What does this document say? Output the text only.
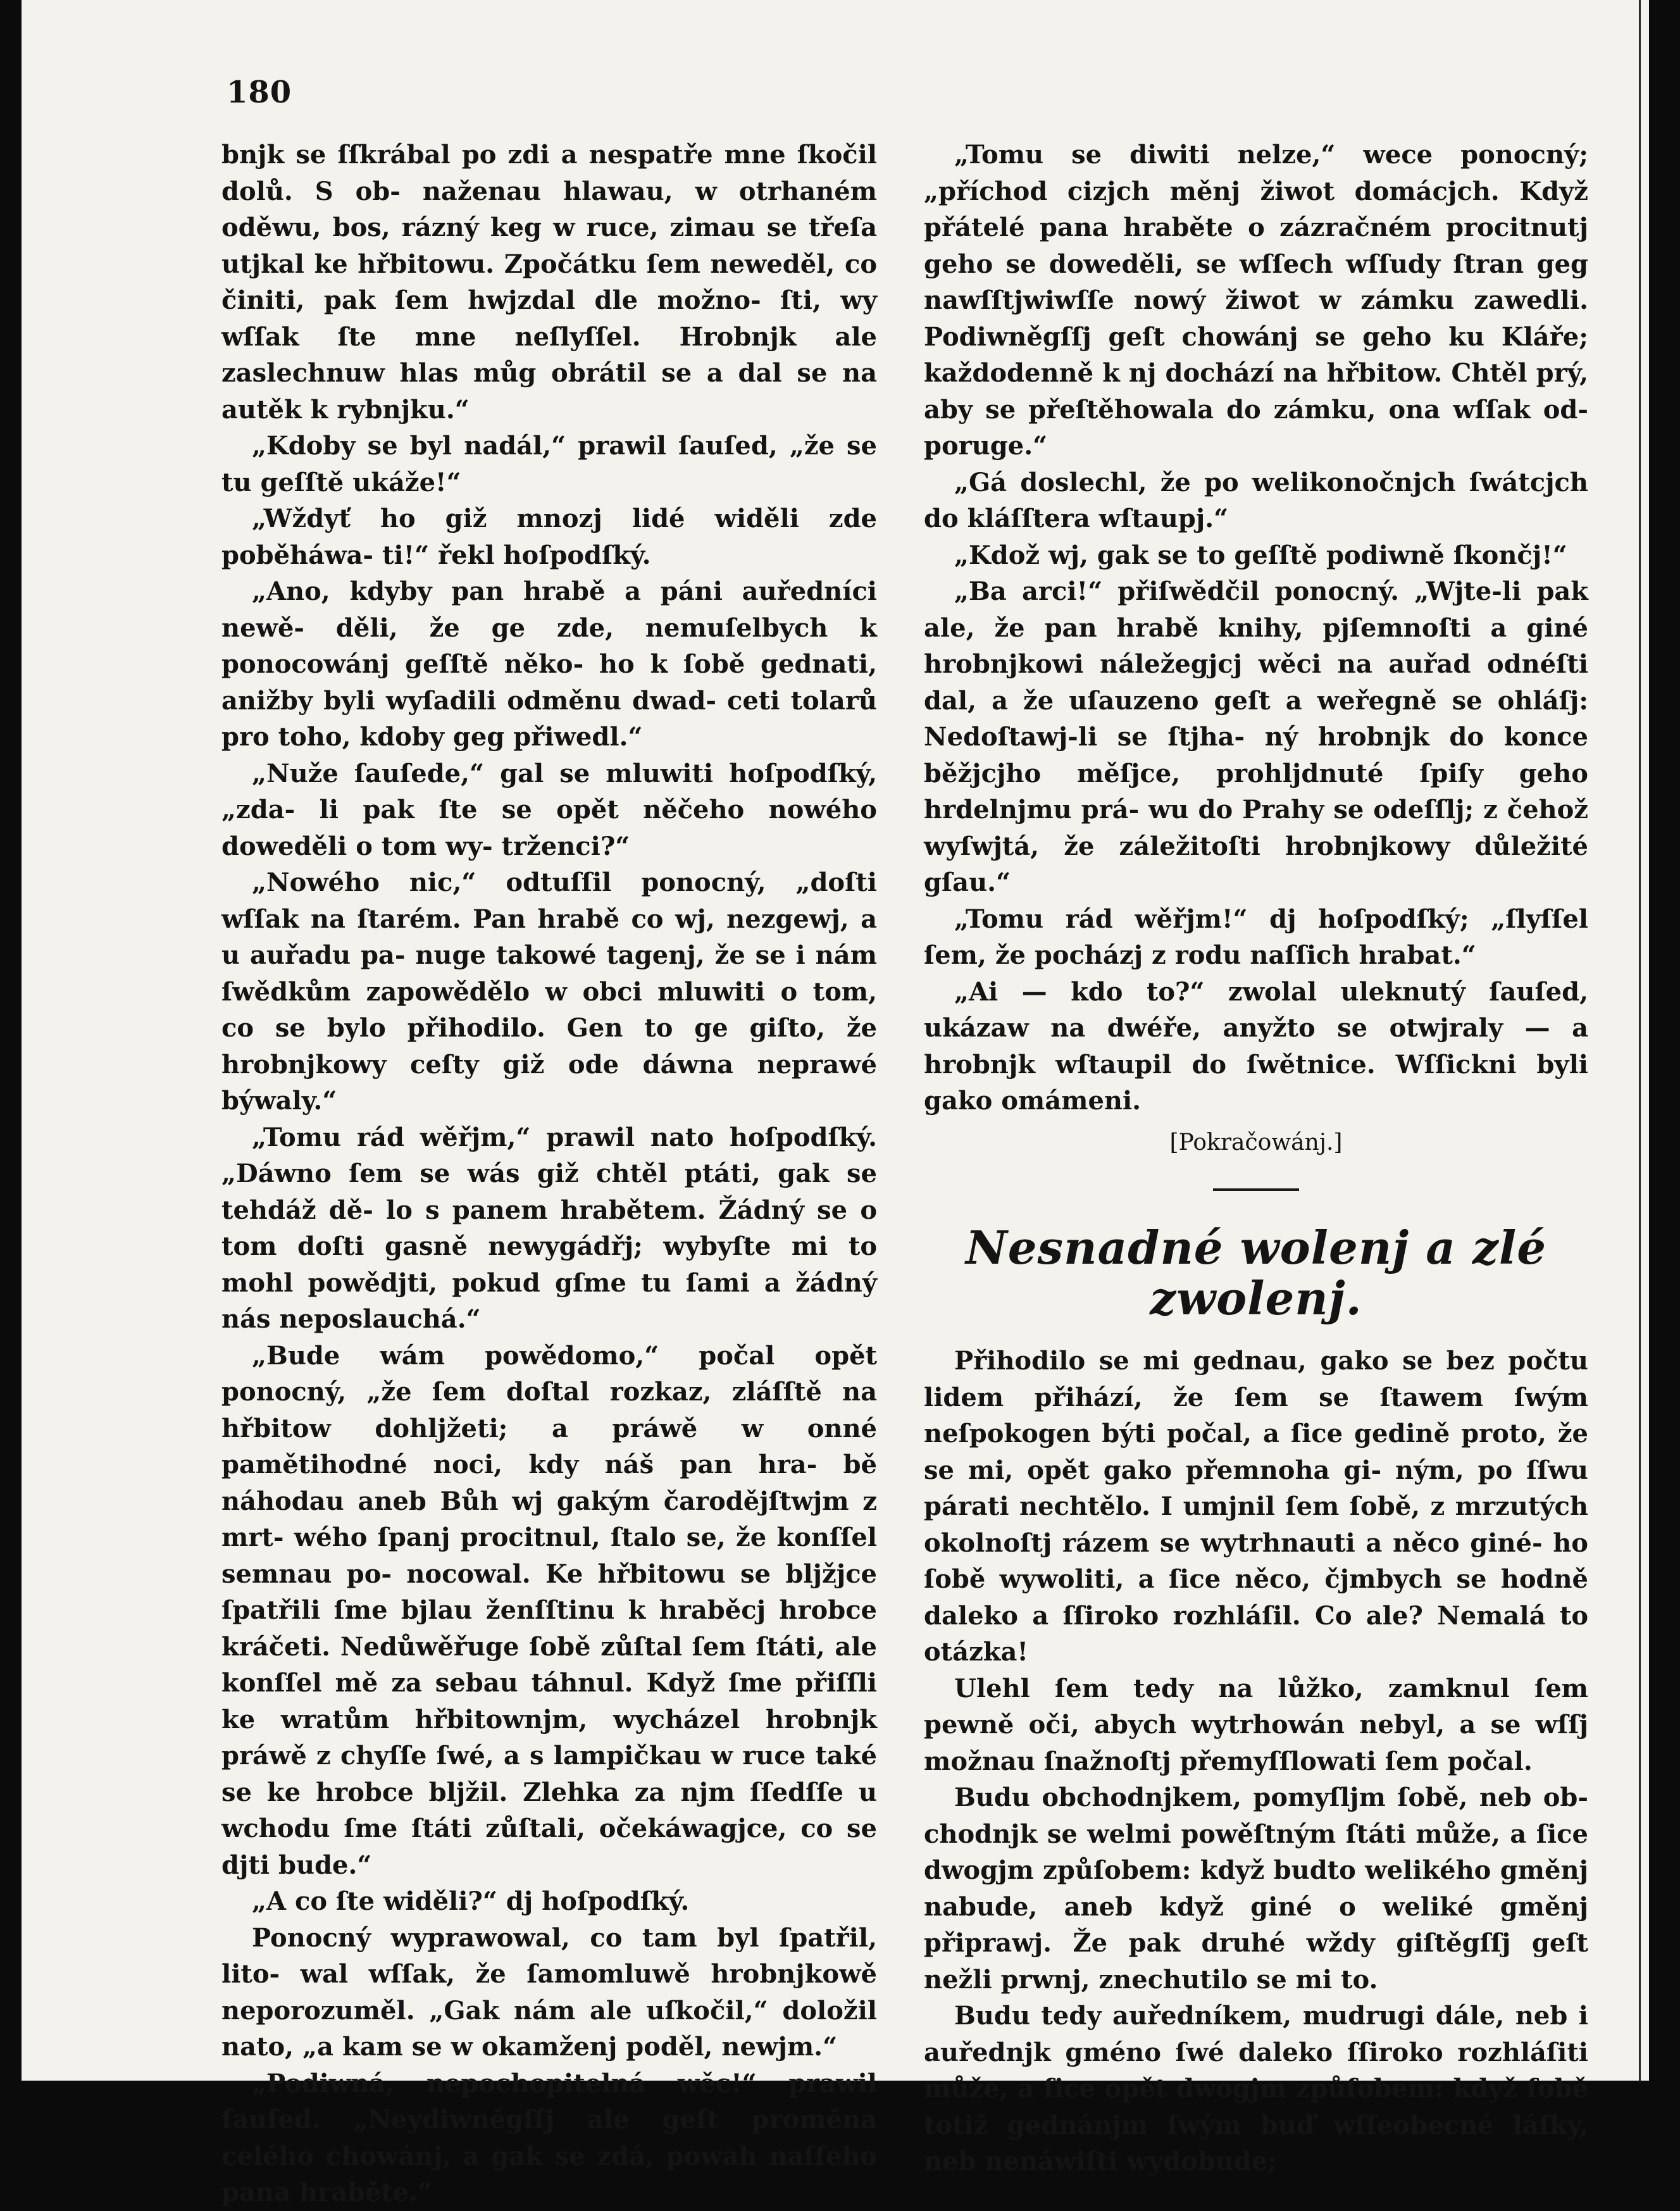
180

bnjk se ſſkrábal po zdi a nespatře mne ſkočil dolů. S ob- naženau hlawau, w otrhaném oděwu, bos, rázný keg w ruce, zimau se třeſa utjkal ke hřbitowu. Zpočátku ſem neweděl, co činiti, pak ſem hwjzdal dle možno- ſti, wy wſſak ſte mne neſlyſſel. Hrobnjk ale zaslechnuw hlas můg obrátil se a dal se na autěk k rybnjku.“

„Kdoby se byl nadál,“ prawil ſauſed, „že se tu geſſtě ukáže!“

„Wždyť ho giž mnozj lidé widěli zde poběháwa- ti!“ řekl hoſpodſký.

„Ano, kdyby pan hrabě a páni auředníci newě- děli, že ge zde, nemuſelbych k ponocowánj geſſtě něko- ho k ſobě gednati, anižby byli wyſadili odměnu dwad- ceti tolarů pro toho, kdoby geg přiwedl.“

„Nuže ſauſede,“ gal se mluwiti hoſpodſký, „zda- li pak ſte se opět něčeho nowého doweděli o tom wy- trženci?“

„Nowého nic,“ odtuſſil ponocný, „doſti wſſak na ſtarém. Pan hrabě co wj, nezgewj, a u auřadu pa- nuge takowé tagenj, že se i nám ſwědkům zapowědělo w obci mluwiti o tom, co se bylo přihodilo. Gen to ge giſto, že hrobnjkowy ceſty giž ode dáwna neprawé býwaly.“

„Tomu rád wěřjm,“ prawil nato hoſpodſký. „Dáwno ſem se wás giž chtěl ptáti, gak se tehdáž dě- lo s panem hrabětem. Žádný se o tom doſti gasně newygádřj; wybyſte mi to mohl powědjti, pokud gſme tu ſami a žádný nás neposlauchá.“

„Bude wám powědomo,“ počal opět ponocný, „že ſem doſtal rozkaz, zláſſtě na hřbitow dohljžeti; a práwě w onné pamětihodné noci, kdy náš pan hra- bě náhodau aneb Bůh wj gakým čarodějſtwjm z mrt- wého ſpanj procitnul, ſtalo se, že konſſel semnau po- nocowal. Ke hřbitowu se bljžjce ſpatřili ſme bjlau ženſſtinu k hraběcj hrobce kráčeti. Nedůwěřuge ſobě zůſtal ſem ſtáti, ale konſſel mě za sebau táhnul. Když ſme přiſſli ke wratům hřbitownjm, wycházel hrobnjk práwě z chyſſe ſwé, a s lampičkau w ruce také se ke hrobce bljžil. Zlehka za njm ſſedſſe u wchodu ſme ſtáti zůſtali, očekáwagjce, co se djti bude.“

„A co ſte widěli?“ dj hoſpodſký.

Ponocný wyprawowal, co tam byl ſpatřil, lito- wal wſſak, že ſamomluwě hrobnjkowě neporozuměl. „Gak nám ale uſkočil,“ doložil nato, „a kam se w okamženj poděl, newjm.“

„Podiwná, nepochopitelná wěc!“ prawil ſauſed. „Neydiwněgſſj ale geſt proměna celého chowánj, a gak se zdá, powah naſſeho pana hraběte.“

„Tomu se diwiti nelze,“ wece ponocný; „příchod cizjch měnj žiwot domácjch. Když přátelé pana hraběte o zázračném procitnutj geho se doweděli, se wſſech wſſudy ſtran geg nawſſtjwiwſſe nowý žiwot w zámku zawedli. Podiwněgſſj geſt chowánj se geho ku Kláře; každodenně k nj dochází na hřbitow. Chtěl prý, aby se přeſtěhowala do zámku, ona wſſak od- poruge.“

„Gá doslechl, že po welikonočnjch ſwátcjch do kláſſtera wſtaupj.“

„Kdož wj, gak se to geſſtě podiwně ſkončj!“

„Ba arci!“ přiſwědčil ponocný. „Wjte-li pak ale, že pan hrabě knihy, pjſemnoſti a giné hrobnjkowi náležegjcj wěci na auřad odnéſti dal, a že uſauzeno geſt a weřegně se ohláſj: Nedoſtawj-li se ſtjha- ný hrobnjk do konce běžjcjho měſjce, prohljdnuté ſpiſy geho hrdelnjmu prá- wu do Prahy se odeſſlj; z čehož wyſwjtá, že záležitoſti hrobnjkowy důležité gſau.“

„Tomu rád wěřjm!“ dj hoſpodſký; „ſlyſſel ſem, že pocházj z rodu naſſich hrabat.“

„Ai — kdo to?“ zwolal uleknutý ſauſed, ukázaw na dwéře, anyžto se otwjraly — a hrobnjk wſtaupil do ſwětnice. Wſſickni byli gako omámeni.

[Pokračowánj.]

Nesnadné wolenj a zlé zwolenj.

Přihodilo se mi gednau, gako se bez počtu lidem přihází, že ſem se ſtawem ſwým neſpokogen býti počal, a ſice gedině proto, že se mi, opět gako přemnoha gi- ným, po ſſwu párati nechtělo. I umjnil ſem ſobě, z mrzutých okolnoſtj rázem se wytrhnauti a něco giné- ho ſobě wywoliti, a ſice něco, čjmbych se hodně daleko a ſſiroko rozhláſil. Co ale? Nemalá to otázka!

Ulehl ſem tedy na lůžko, zamknul ſem pewně oči, abych wytrhowán nebyl, a se wſſj možnau ſnažnoſtj přemyſſlowati ſem počal.

Budu obchodnjkem, pomyſljm ſobě, neb ob- chodnjk se welmi powěſtným ſtáti může, a ſice dwogjm způſobem: když budto welikého gměnj nabude, aneb když giné o weliké gměnj připrawj. Že pak druhé wždy giſtěgſſj geſt nežli prwnj, znechutilo se mi to.

Budu tedy auředníkem, mudrugi dále, neb i auřednjk gméno ſwé daleko ſſiroko rozhláſiti může, a ſice opět dwogjm způſobem: když ſobě totiž gednánjm ſwým buď wſſeobecné láſky, neb nenáwiſti wydobude;
